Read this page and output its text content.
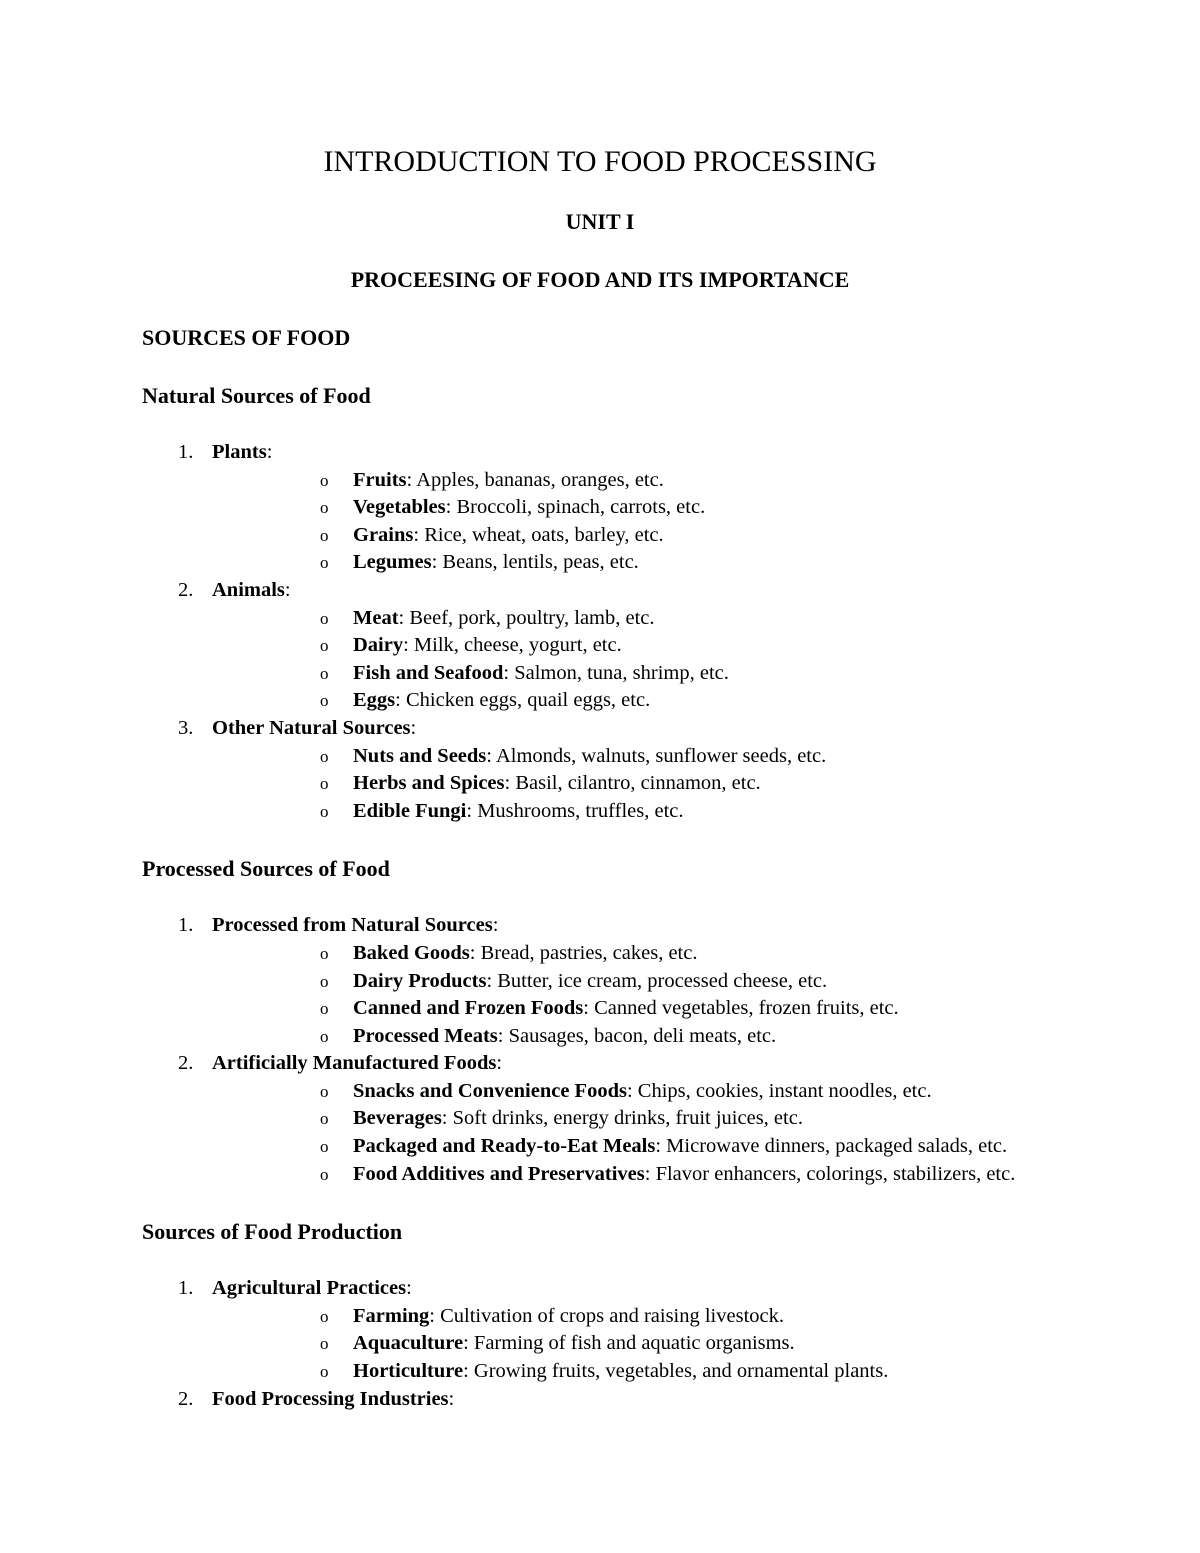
INTRODUCTION TO FOOD PROCESSING
UNIT I
PROCEESING OF FOOD AND ITS IMPORTANCE
SOURCES OF FOOD
Natural Sources of Food
1. Plants:
o Fruits: Apples, bananas, oranges, etc.
o Vegetables: Broccoli, spinach, carrots, etc.
o Grains: Rice, wheat, oats, barley, etc.
o Legumes: Beans, lentils, peas, etc.
2. Animals:
o Meat: Beef, pork, poultry, lamb, etc.
o Dairy: Milk, cheese, yogurt, etc.
o Fish and Seafood: Salmon, tuna, shrimp, etc.
o Eggs: Chicken eggs, quail eggs, etc.
3. Other Natural Sources:
o Nuts and Seeds: Almonds, walnuts, sunflower seeds, etc.
o Herbs and Spices: Basil, cilantro, cinnamon, etc.
o Edible Fungi: Mushrooms, truffles, etc.
Processed Sources of Food
1. Processed from Natural Sources:
o Baked Goods: Bread, pastries, cakes, etc.
o Dairy Products: Butter, ice cream, processed cheese, etc.
o Canned and Frozen Foods: Canned vegetables, frozen fruits, etc.
o Processed Meats: Sausages, bacon, deli meats, etc.
2. Artificially Manufactured Foods:
o Snacks and Convenience Foods: Chips, cookies, instant noodles, etc.
o Beverages: Soft drinks, energy drinks, fruit juices, etc.
o Packaged and Ready-to-Eat Meals: Microwave dinners, packaged salads, etc.
o Food Additives and Preservatives: Flavor enhancers, colorings, stabilizers, etc.
Sources of Food Production
1. Agricultural Practices:
o Farming: Cultivation of crops and raising livestock.
o Aquaculture: Farming of fish and aquatic organisms.
o Horticulture: Growing fruits, vegetables, and ornamental plants.
2. Food Processing Industries:
